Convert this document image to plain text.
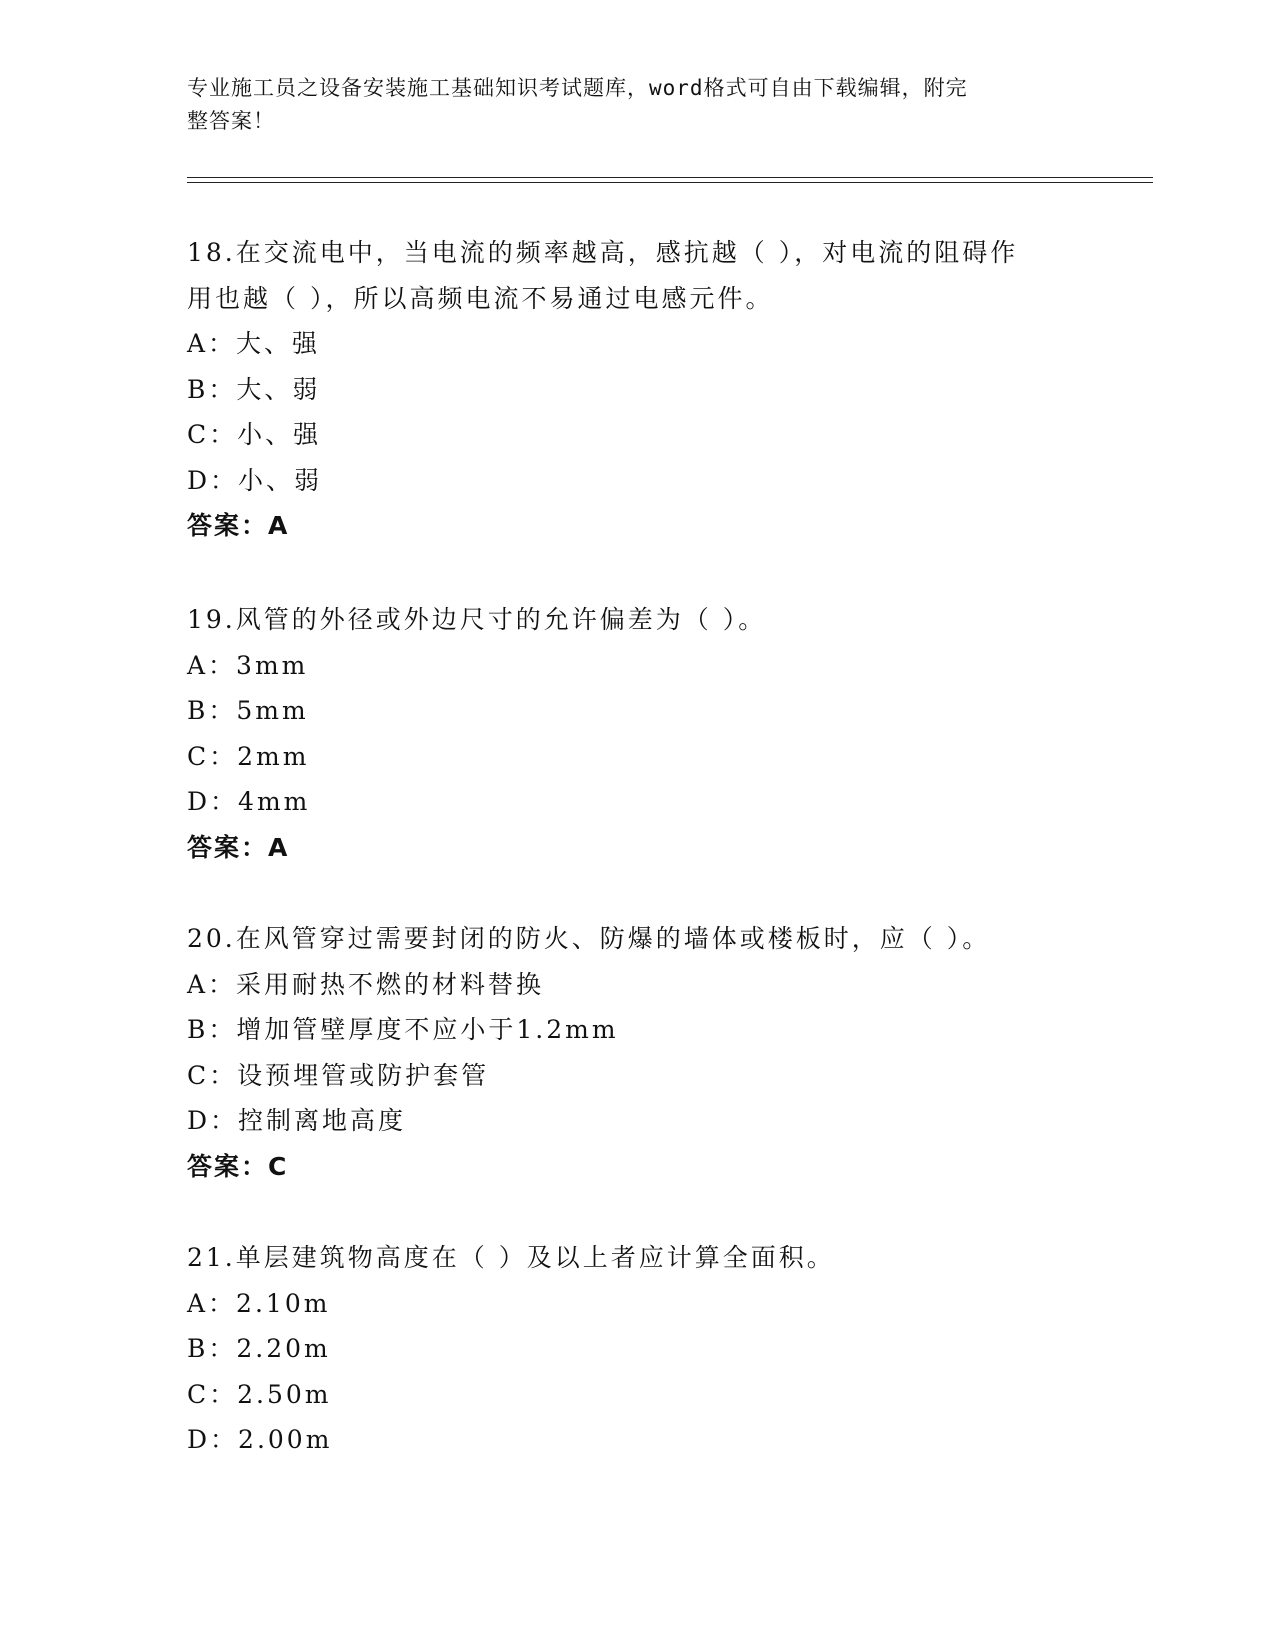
专业施工员之设备安装施工基础知识考试题库，word格式可自由下载编辑，附完
整答案！
18.在交流电中，当电流的频率越高，感抗越（ ），对电流的阻碍作
用也越（ ），所以高频电流不易通过电感元件。
A：大、强
B：大、弱
C：小、强
D：小、弱
答案：A
19.风管的外径或外边尺寸的允许偏差为（ ）。
A：3mm
B：5mm
C：2mm
D：4mm
答案：A
20.在风管穿过需要封闭的防火、防爆的墙体或楼板时，应（ ）。
A：采用耐热不燃的材料替换
B：增加管壁厚度不应小于1.2mm
C：设预埋管或防护套管
D：控制离地高度
答案：C
21.单层建筑物高度在（ ）及以上者应计算全面积。
A：2.10m
B：2.20m
C：2.50m
D：2.00m
